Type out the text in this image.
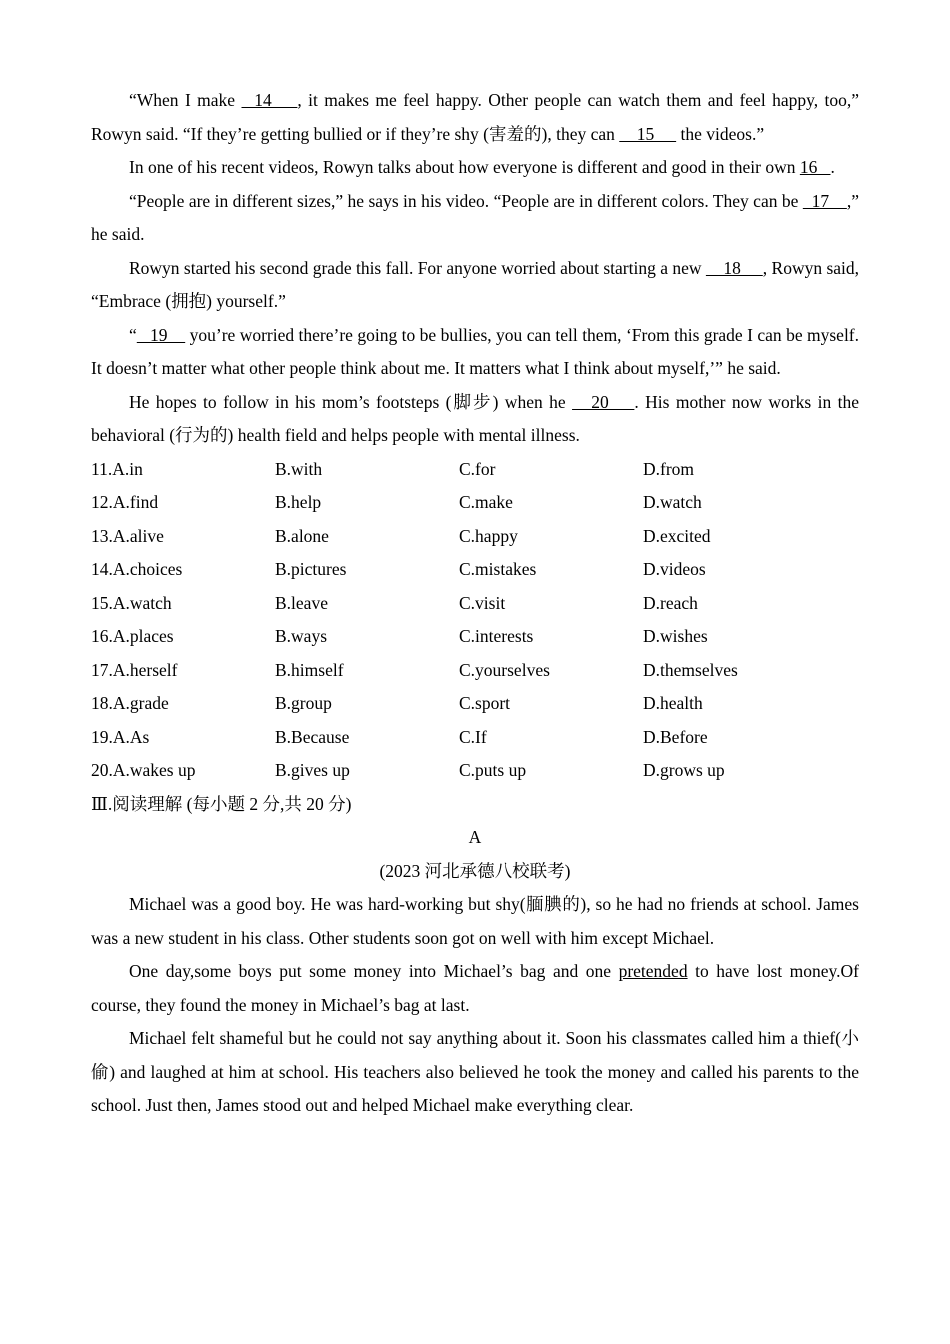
“When I make   14    , it makes me feel happy. Other people can watch them and feel happy, too,” Rowyn said. “If they’re getting bullied or if they’re shy (害羞的), they can     15      the videos.”

In one of his recent videos, Rowyn talks about how everyone is different and good in their own 16   .

“People are in different sizes,” he says in his video. “People are in different colors. They can be   17    ,” he said.

Rowyn started his second grade this fall. For anyone worried about starting a new     18     , Rowyn said, “Embrace (拥抱) yourself.”

“   19     you’re worried there’re going to be bullies, you can tell them, ‘From this grade I can be myself. It doesn’t matter what other people think about me. It matters what I think about myself,’” he said.

He hopes to follow in his mom’s footsteps (脚步) when he    20    . His mother now works in the behavioral (行为的) health field and helps people with mental illness.

11.A.in	B.with	C.for	D.from
12.A.find	B.help	C.make	D.watch
13.A.alive	B.alone	C.happy	D.excited
14.A.choices	B.pictures	C.mistakes	D.videos
15.A.watch	B.leave	C.visit	D.reach
16.A.places	B.ways	C.interests	D.wishes
17.A.herself	B.himself	C.yourselves	D.themselves
18.A.grade	B.group	C.sport	D.health
19.A.As	B.Because	C.If	D.Before
20.A.wakes up	B.gives up	C.puts up	D.grows up

Ⅲ.阅读理解 (每小题 2 分,共 20 分)

A

(2023 河北承德八校联考)

Michael was a good boy. He was hard-working but shy(腼腆的), so he had no friends at school. James was a new student in his class. Other students soon got on well with him except Michael.

One day,some boys put some money into Michael’s bag and one pretended to have lost money.Of course, they found the money in Michael’s bag at last.

Michael felt shameful but he could not say anything about it. Soon his classmates called him a thief(小偷) and laughed at him at school. His teachers also believed he took the money and called his parents to the school. Just then, James stood out and helped Michael make everything clear.
